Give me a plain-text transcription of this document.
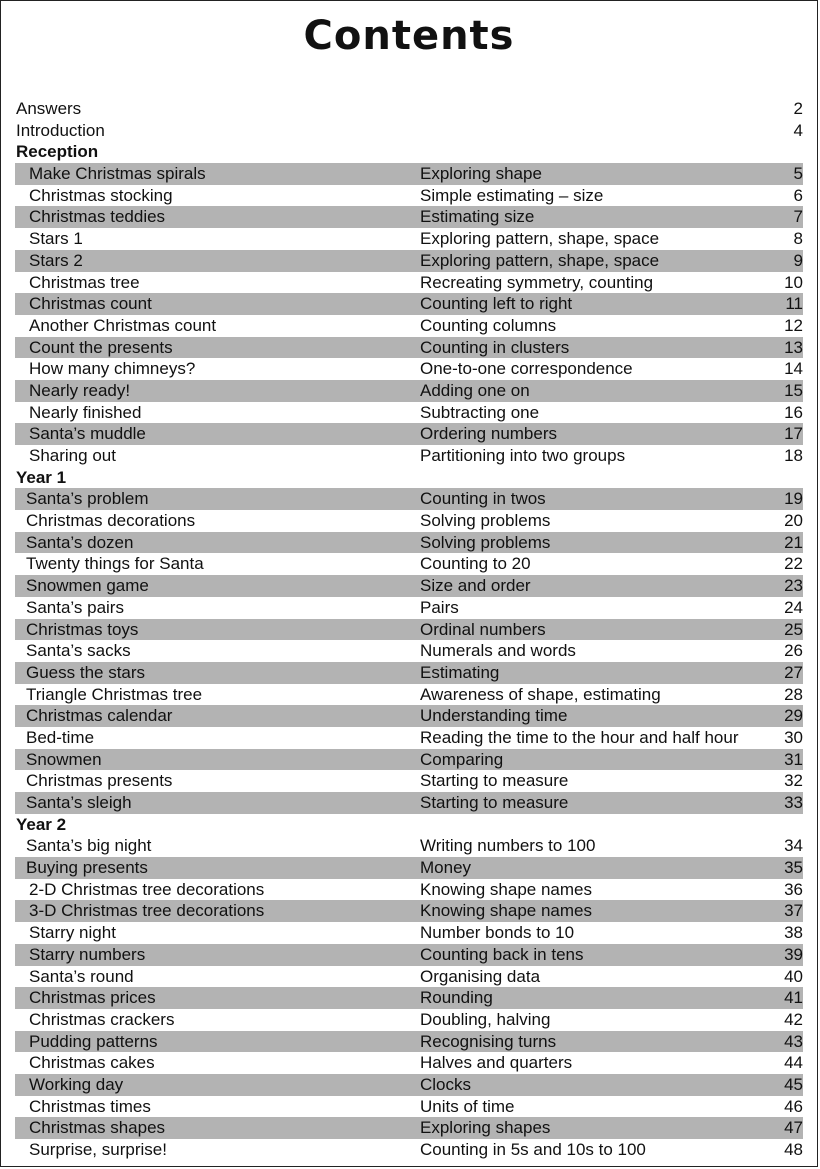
Contents
Answers	2
Introduction	4
Reception
Make Christmas spirals	Exploring shape	5
Christmas stocking	Simple estimating – size	6
Christmas teddies	Estimating size	7
Stars 1	Exploring pattern, shape, space	8
Stars 2	Exploring pattern, shape, space	9
Christmas tree	Recreating symmetry, counting	10
Christmas count	Counting left to right	11
Another Christmas count	Counting columns	12
Count the presents	Counting in clusters	13
How many chimneys?	One-to-one correspondence	14
Nearly ready!	Adding one on	15
Nearly finished	Subtracting one	16
Santa’s muddle	Ordering numbers	17
Sharing out	Partitioning into two groups	18
Year 1
Santa’s problem	Counting in twos	19
Christmas decorations	Solving problems	20
Santa’s dozen	Solving problems	21
Twenty things for Santa	Counting to 20	22
Snowmen game	Size and order	23
Santa’s pairs	Pairs	24
Christmas toys	Ordinal numbers	25
Santa’s sacks	Numerals and words	26
Guess the stars	Estimating	27
Triangle Christmas tree	Awareness of shape, estimating	28
Christmas calendar	Understanding time	29
Bed-time	Reading the time to the hour and half hour	30
Snowmen	Comparing	31
Christmas presents	Starting to measure	32
Santa’s sleigh	Starting to measure	33
Year 2
Santa’s big night	Writing numbers to 100	34
Buying presents	Money	35
2-D Christmas tree decorations	Knowing shape names	36
3-D Christmas tree decorations	Knowing shape names	37
Starry night	Number bonds to 10	38
Starry numbers	Counting back in tens	39
Santa’s round	Organising data	40
Christmas prices	Rounding	41
Christmas crackers	Doubling, halving	42
Pudding patterns	Recognising turns	43
Christmas cakes	Halves and quarters	44
Working day	Clocks	45
Christmas times	Units of time	46
Christmas shapes	Exploring shapes	47
Surprise, surprise!	Counting in 5s and 10s to 100	48
